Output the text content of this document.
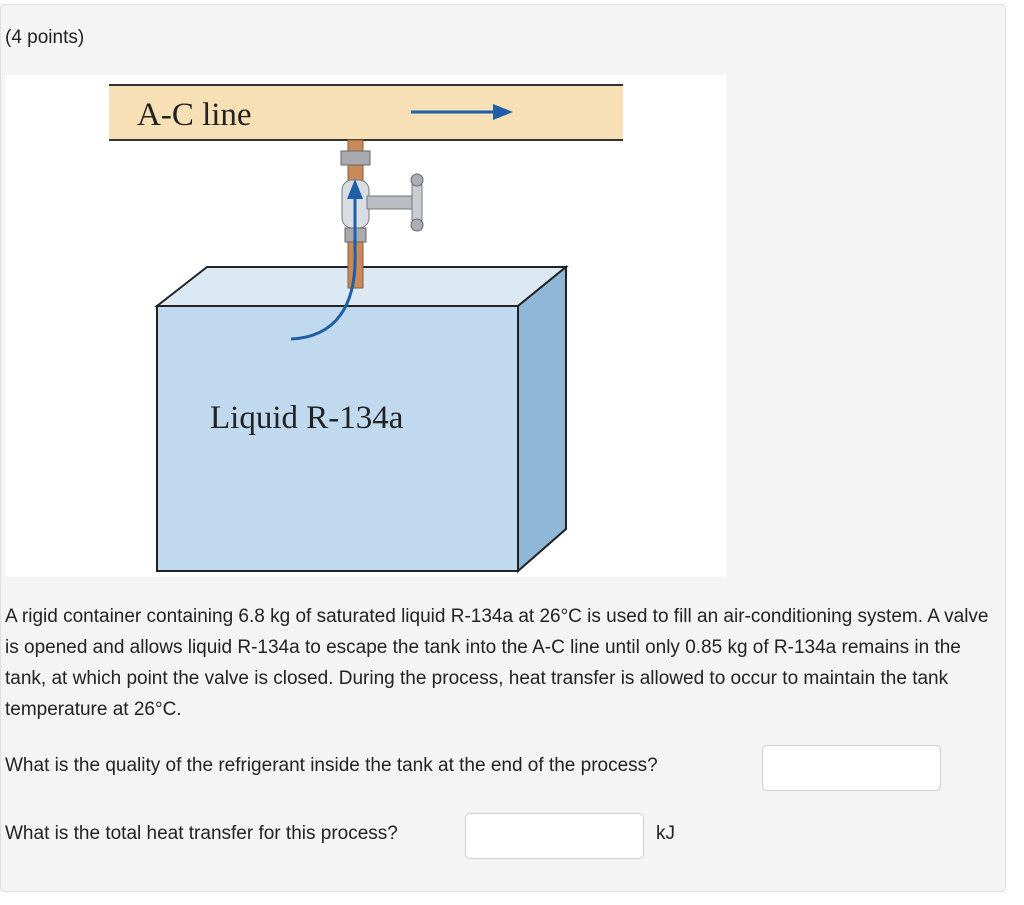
(4 points)
A-C line
Liquid R-134a
A rigid container containing 6.8 kg of saturated liquid R-134a at 26°C is used to fill an air-conditioning system. A valve is opened and allows liquid R-134a to escape the tank into the A-C line until only 0.85 kg of R-134a remains in the tank, at which point the valve is closed. During the process, heat transfer is allowed to occur to maintain the tank temperature at 26°C.
What is the quality of the refrigerant inside the tank at the end of the process?
What is the total heat transfer for this process?	kJ
